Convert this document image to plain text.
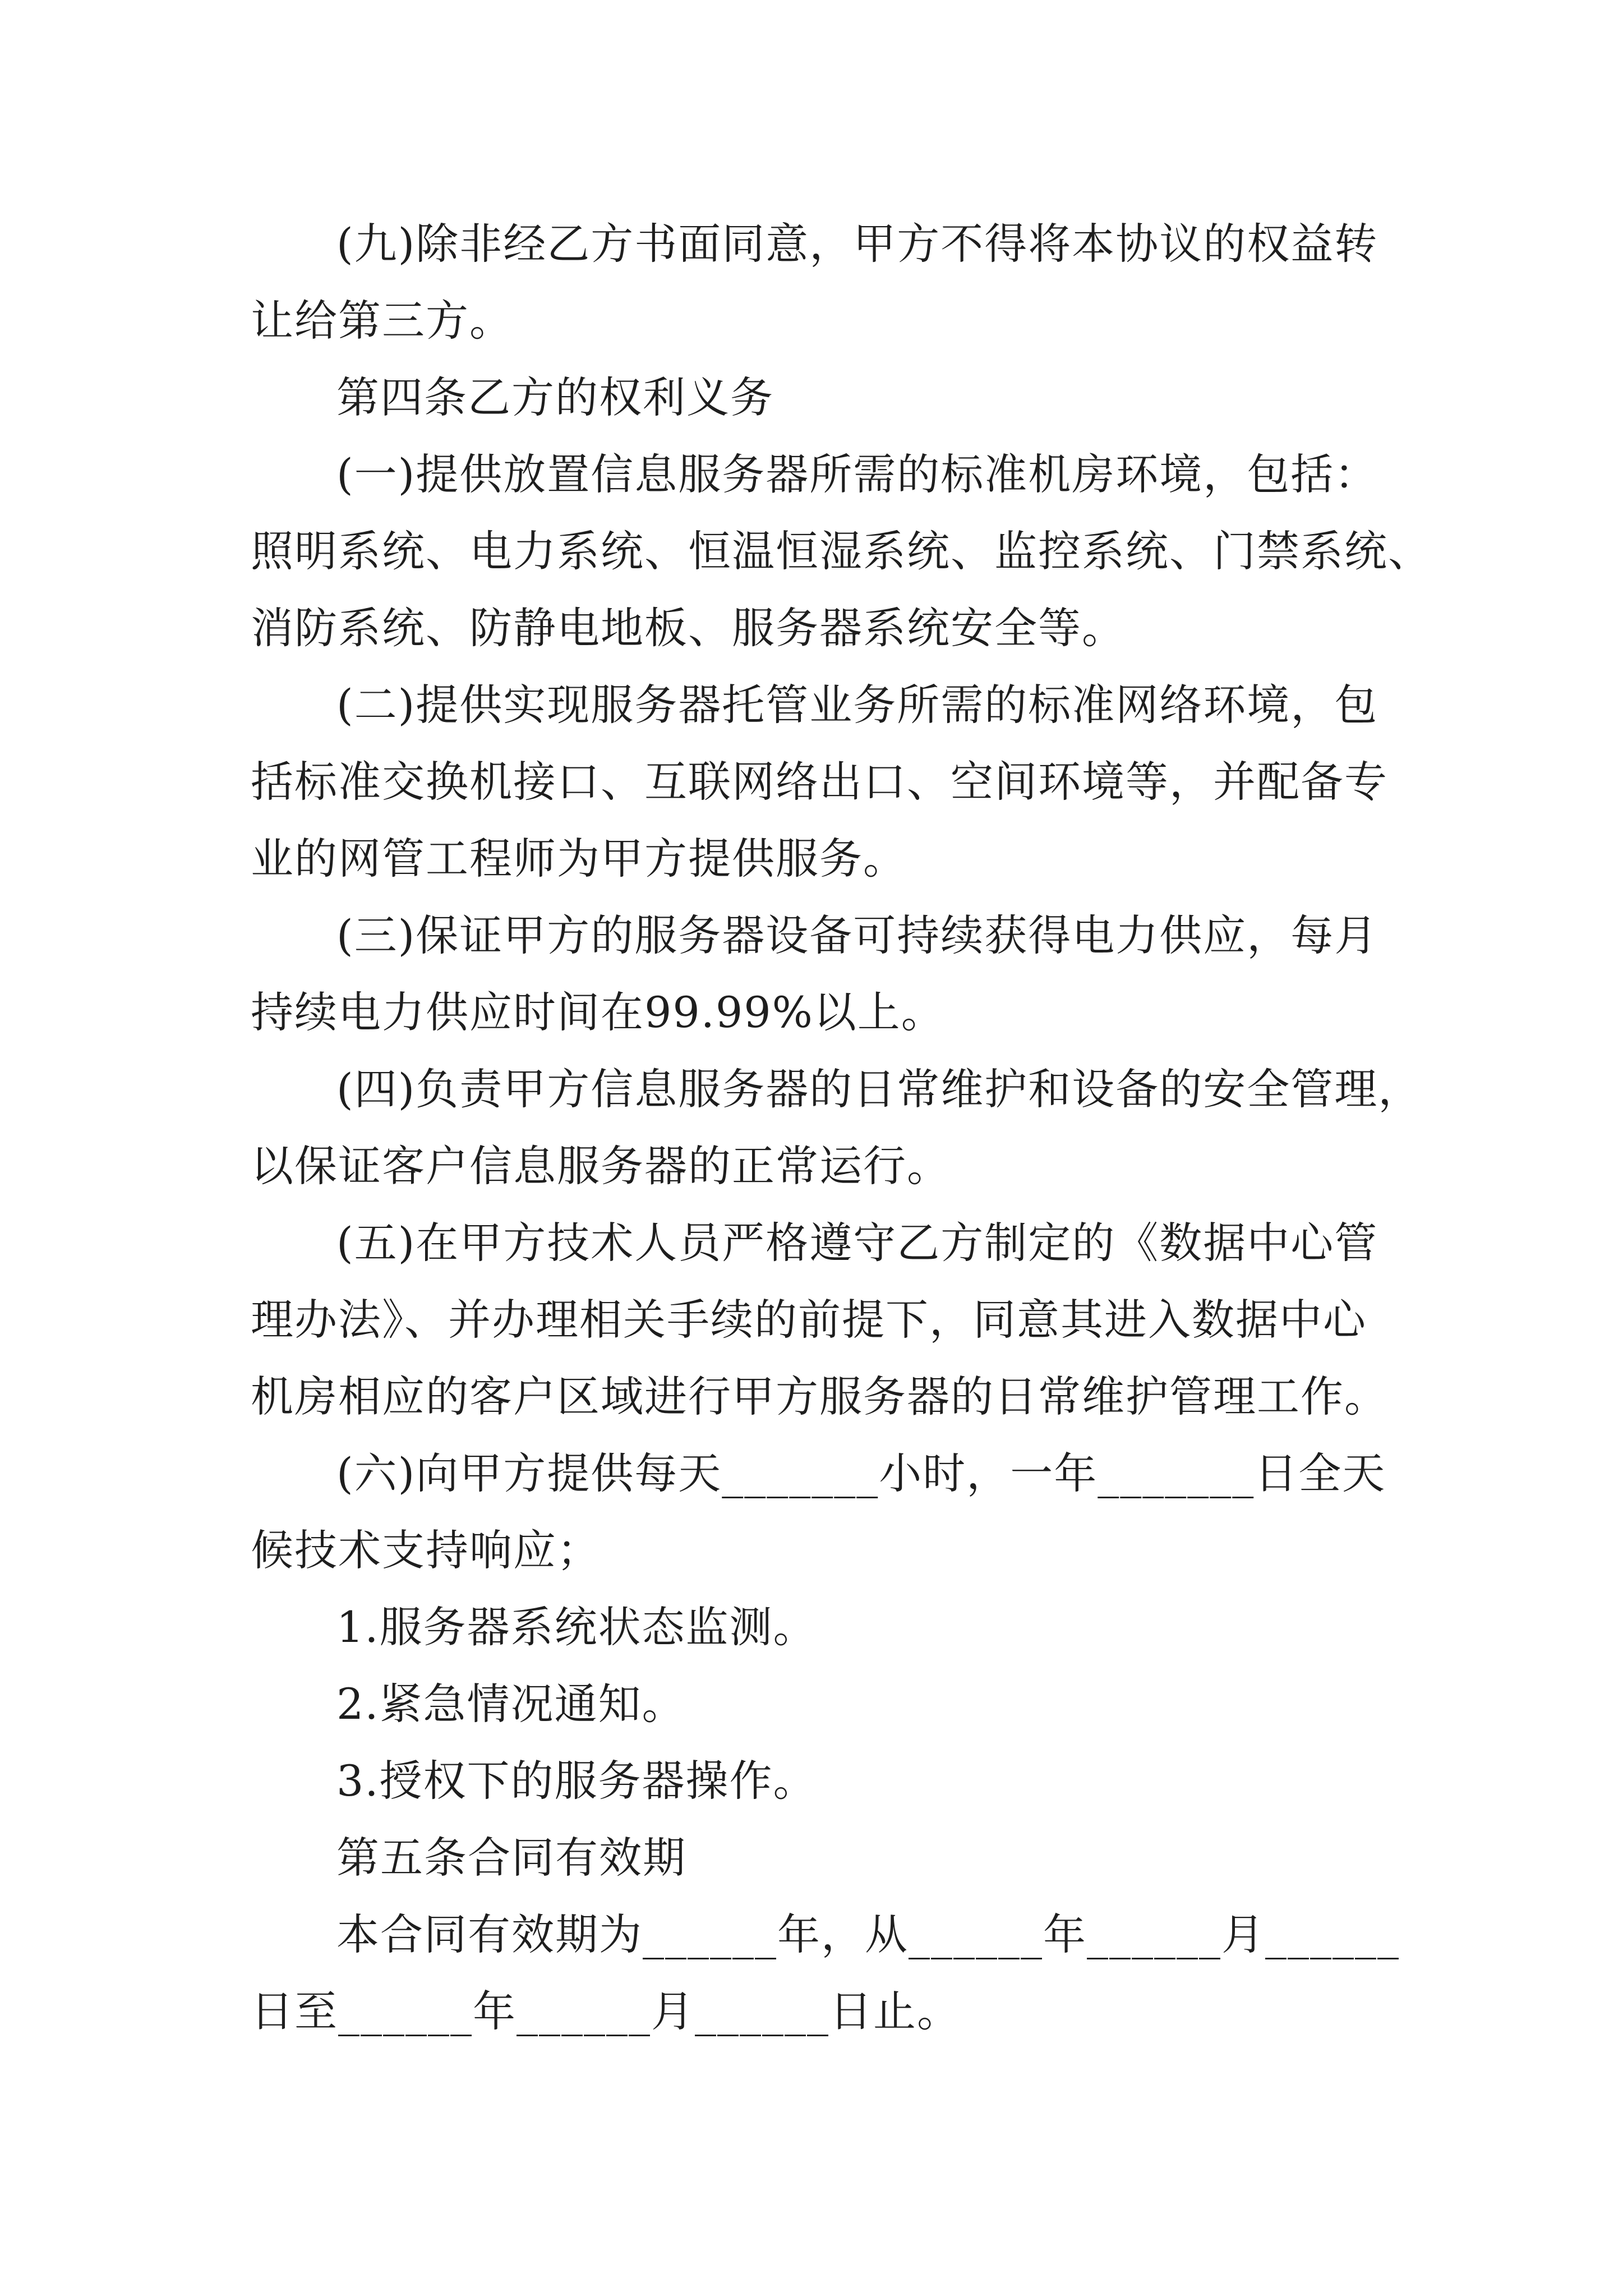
(九)除非经乙方书面同意，甲方不得将本协议的权益转
让给第三方。
第四条乙方的权利义务
(一)提供放置信息服务器所需的标准机房环境，包括：
照明系统、电力系统、恒温恒湿系统、监控系统、门禁系统、
消防系统、防静电地板、服务器系统安全等。
(二)提供实现服务器托管业务所需的标准网络环境，包
括标准交换机接口、互联网络出口、空间环境等，并配备专
业的网管工程师为甲方提供服务。
(三)保证甲方的服务器设备可持续获得电力供应，每月
持续电力供应时间在99.99%以上。
(四)负责甲方信息服务器的日常维护和设备的安全管理，
以保证客户信息服务器的正常运行。
(五)在甲方技术人员严格遵守乙方制定的《数据中心管
理办法》、并办理相关手续的前提下，同意其进入数据中心
机房相应的客户区域进行甲方服务器的日常维护管理工作。
(六)向甲方提供每天_______小时，一年_______日全天
候技术支持响应；
1.服务器系统状态监测。
2.紧急情况通知。
3.授权下的服务器操作。
第五条合同有效期
本合同有效期为______年，从______年______月______
日至______年______月______日止。
